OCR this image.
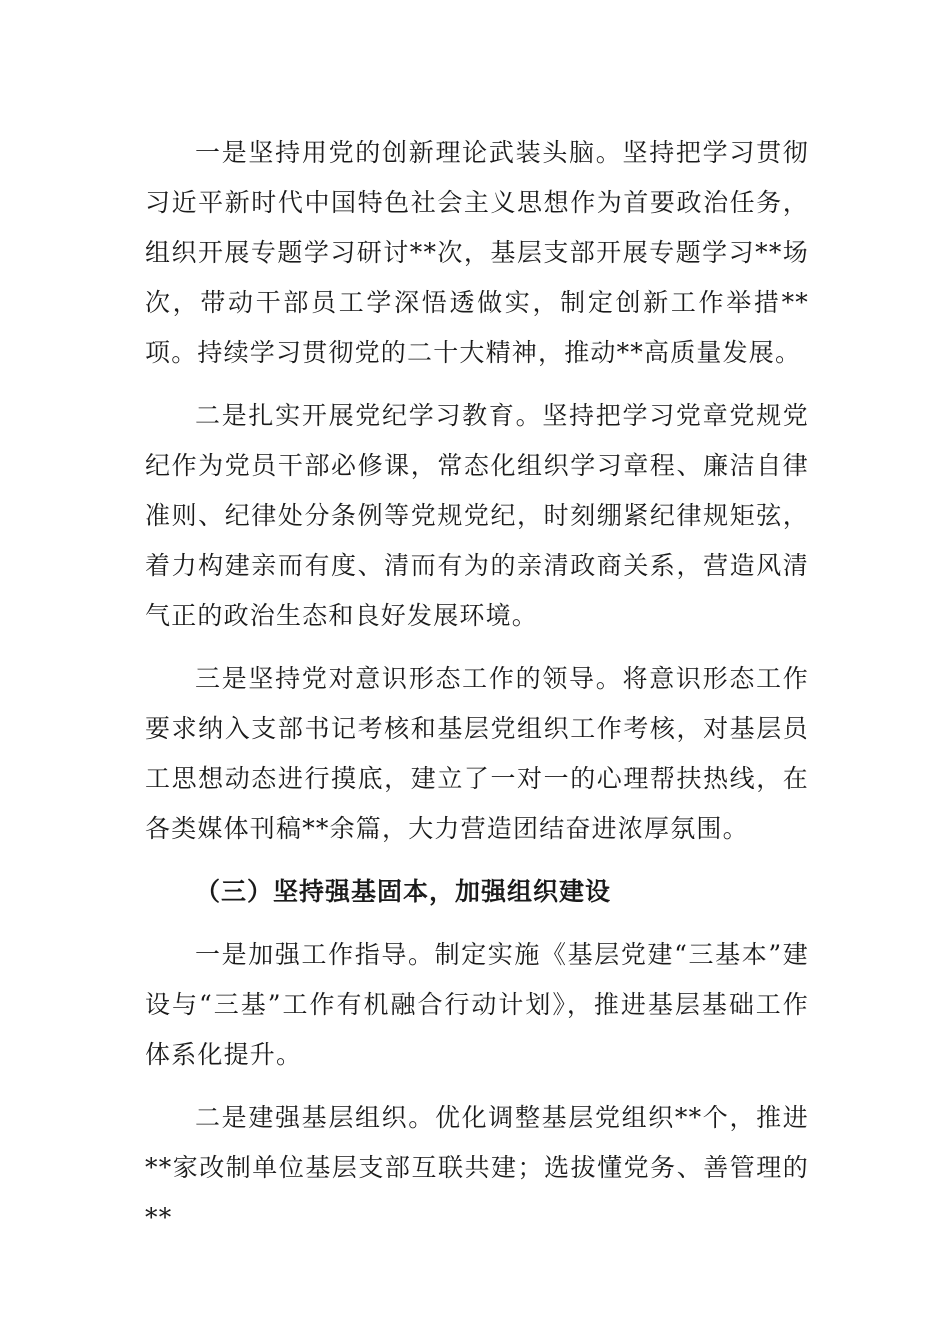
一是坚持用党的创新理论武装头脑。坚持把学习贯彻习近平新时代中国特色社会主义思想作为首要政治任务，组织开展专题学习研讨**次，基层支部开展专题学习**场次，带动干部员工学深悟透做实，制定创新工作举措**项。持续学习贯彻党的二十大精神，推动**高质量发展。

二是扎实开展党纪学习教育。坚持把学习党章党规党纪作为党员干部必修课，常态化组织学习章程、廉洁自律准则、纪律处分条例等党规党纪，时刻绷紧纪律规矩弦，着力构建亲而有度、清而有为的亲清政商关系，营造风清气正的政治生态和良好发展环境。

三是坚持党对意识形态工作的领导。将意识形态工作要求纳入支部书记考核和基层党组织工作考核，对基层员工思想动态进行摸底，建立了一对一的心理帮扶热线，在各类媒体刊稿**余篇，大力营造团结奋进浓厚氛围。

（三）坚持强基固本，加强组织建设

一是加强工作指导。制定实施《基层党建“三基本”建设与“三基”工作有机融合行动计划》，推进基层基础工作体系化提升。

二是建强基层组织。优化调整基层党组织**个，推进**家改制单位基层支部互联共建；选拔懂党务、善管理的**
